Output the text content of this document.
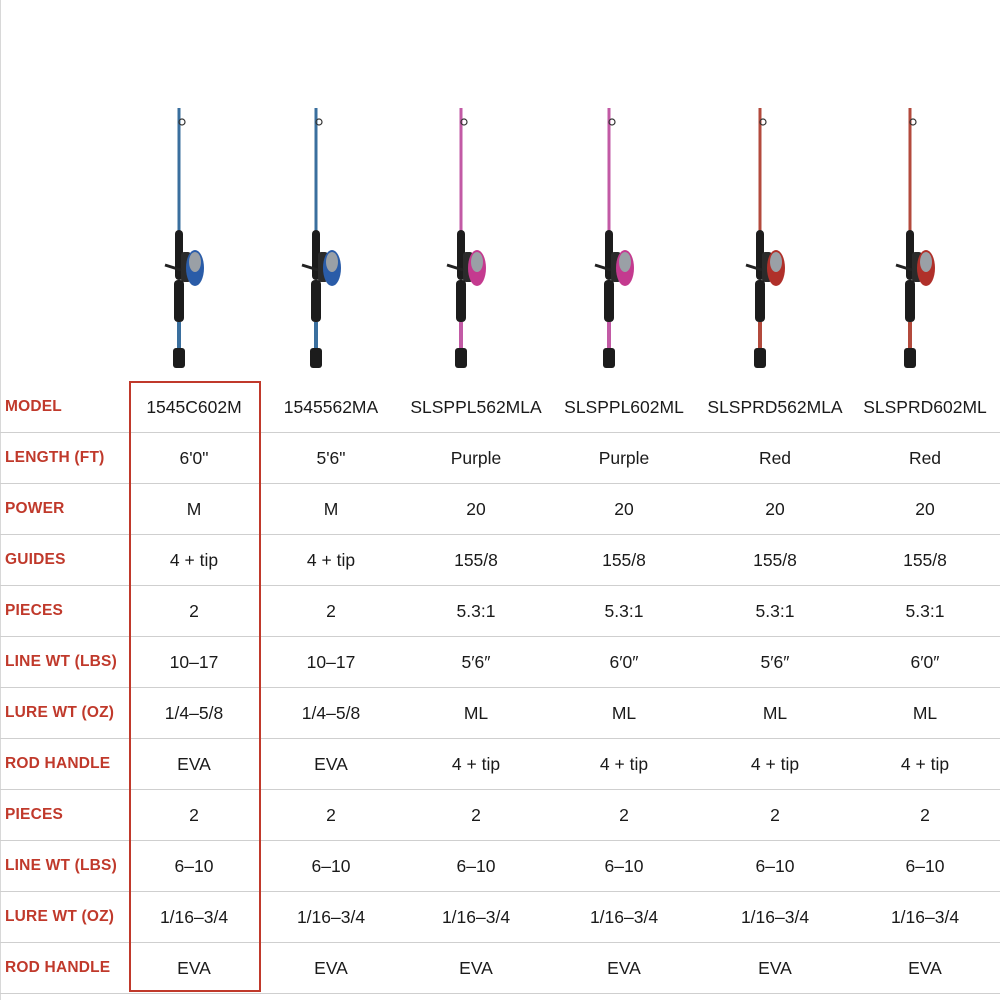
MODEL	1545C602M	1545562MA	SLSPPL562MLA	SLSPPL602ML	SLSPRD562MLA	SLSPRD602ML
LENGTH (FT)	6'0"	5'6"	Purple	Purple	Red	Red
POWER	M	M	20	20	20	20
GUIDES	4 + tip	4 + tip	155/8	155/8	155/8	155/8
PIECES	2	2	5.3:1	5.3:1	5.3:1	5.3:1
LINE WT (LBS)	10–17	10–17	5′6″	6′0″	5′6″	6′0″
LURE WT (OZ)	1/4–5/8	1/4–5/8	ML	ML	ML	ML
ROD HANDLE	EVA	EVA	4 + tip	4 + tip	4 + tip	4 + tip
PIECES	2	2	2	2	2	2
LINE WT (LBS)	6–10	6–10	6–10	6–10	6–10	6–10
LURE WT (OZ)	1/16–3/4	1/16–3/4	1/16–3/4	1/16–3/4	1/16–3/4	1/16–3/4
ROD HANDLE	EVA	EVA	EVA	EVA	EVA	EVA
